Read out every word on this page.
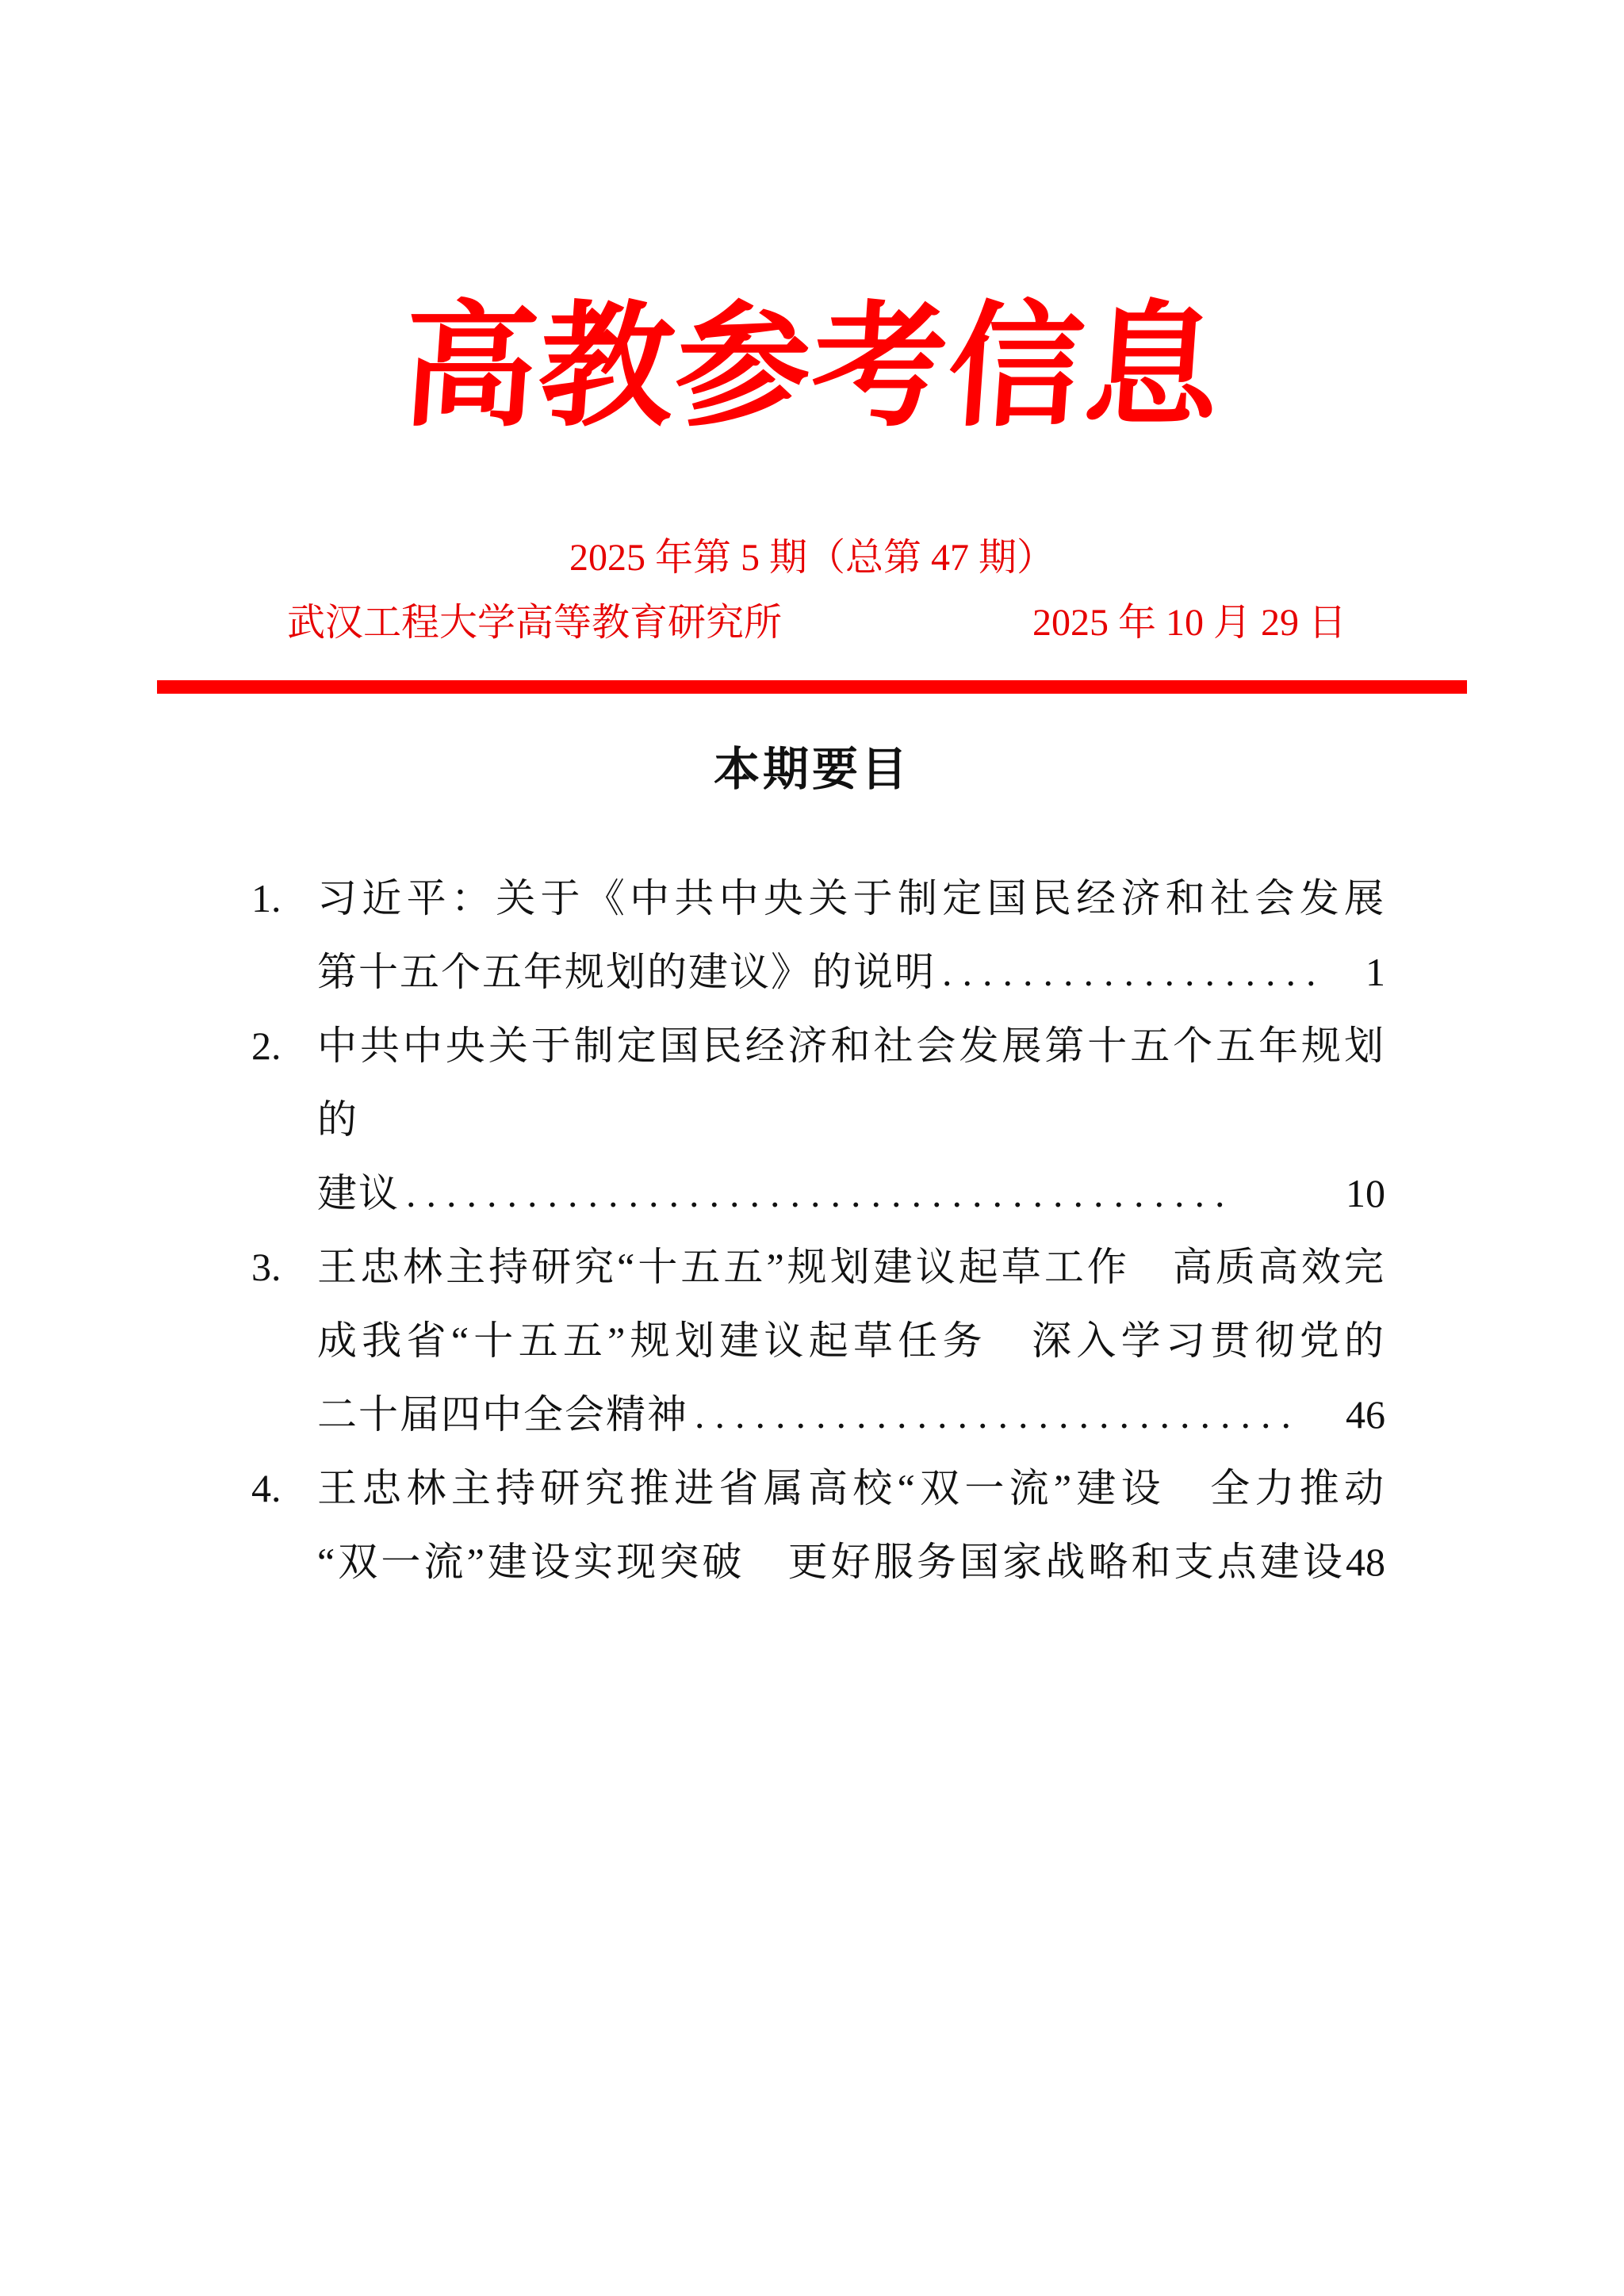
高教参考信息
2025 年第 5 期（总第 47 期）
武汉工程大学高等教育研究所	2025 年 10 月 29 日
本期要目
1. 习近平：关于《中共中央关于制定国民经济和社会发展
第十五个五年规划的建议》的说明 ................... 1
2. 中共中央关于制定国民经济和社会发展第十五个五年规划的
建议 .........................................	10
3. 王忠林主持研究“十五五”规划建议起草工作　高质高效完
成我省“十五五”规划建议起草任务　深入学习贯彻党的
二十届四中全会精神 ..............................	46
4. 王忠林主持研究推进省属高校“双一流”建设　全力推动
“双一流”建设实现突破　更好服务国家战略和支点建设48
